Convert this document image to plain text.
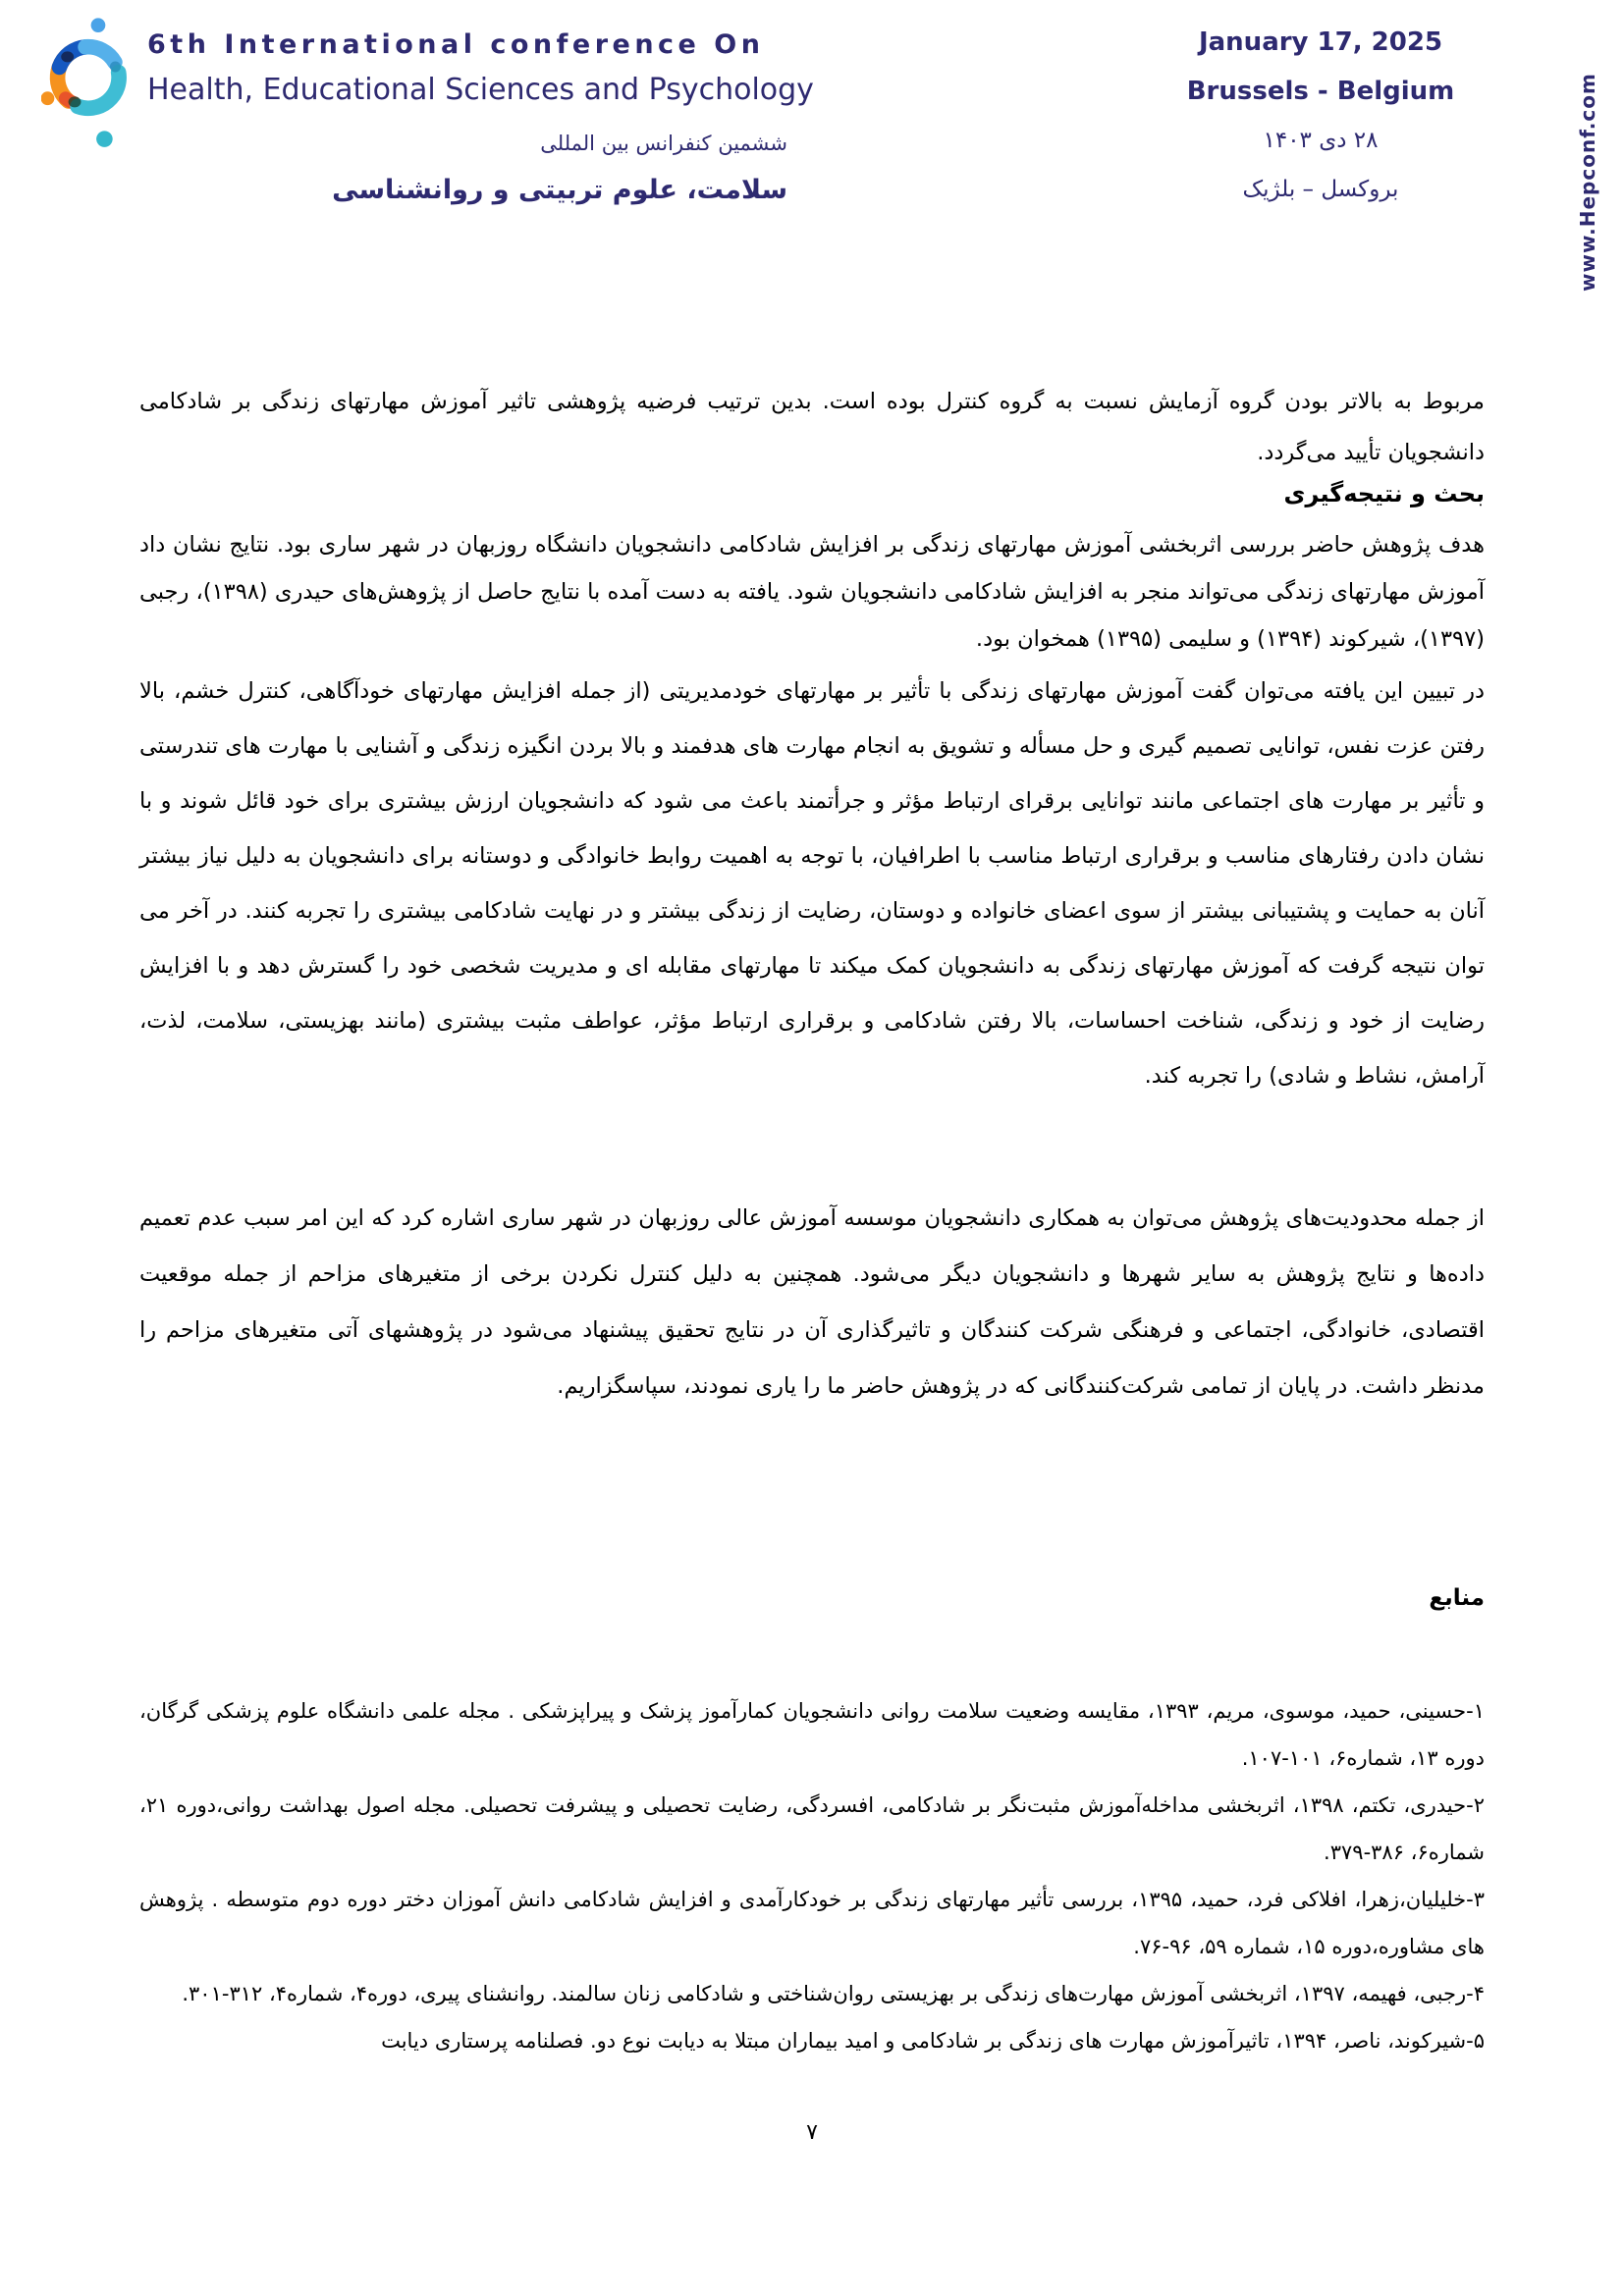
6th International conference On
Health, Educational Sciences and Psychology
ششمین کنفرانس بین المللی
سلامت، علوم تربیتی و روانشناسی
January 17, 2025
Brussels - Belgium
۲۸ دی ۱۴۰۳
بروکسل – بلژیک	www.Hepconf.com

مربوط به بالاتر بودن گروه آزمایش نسبت به گروه کنترل بوده است. بدین ترتیب فرضیه پژوهشی تاثیر آموزش مهارتهای زندگی بر شادکامی دانشجویان تأیید می‌گردد.

بحث و نتیجه‌گیری

هدف پژوهش حاضر بررسی اثربخشی آموزش مهارتهای زندگی بر افزایش شادکامی دانشجویان دانشگاه روزبهان در شهر ساری بود. نتایج نشان داد آموزش مهارتهای زندگی می‌تواند منجر به افزایش شادکامی دانشجویان شود. یافته به دست آمده با نتایج حاصل از پژوهش‌های حیدری (۱۳۹۸)، رجبی (۱۳۹۷)، شیرکوند (۱۳۹۴) و سلیمی (۱۳۹۵) همخوان بود.

در تبیین این یافته می‌توان گفت آموزش مهارتهای زندگی با تأثیر بر مهارتهای خودمدیریتی (از جمله افزایش مهارتهای خودآگاهی، کنترل خشم، بالا رفتن عزت نفس، توانایی تصمیم گیری و حل مسأله و تشویق به انجام مهارت های هدفمند و بالا بردن انگیزه زندگی و آشنایی با مهارت های تندرستی و تأثیر بر مهارت های اجتماعی مانند توانایی برقرای ارتباط مؤثر و جرأتمند باعث می شود که دانشجویان ارزش بیشتری برای خود قائل شوند و با نشان دادن رفتارهای مناسب و برقراری ارتباط مناسب با اطرافیان، با توجه به اهمیت روابط خانوادگی و دوستانه برای دانشجویان به دلیل نیاز بیشتر آنان به حمایت و پشتیبانی بیشتر از سوی اعضای خانواده و دوستان، رضایت از زندگی بیشتر و در نهایت شادکامی بیشتری را تجربه کنند. در آخر می توان نتیجه گرفت که آموزش مهارتهای زندگی به دانشجویان کمک میکند تا مهارتهای مقابله ای و مدیریت شخصی خود را گسترش دهد و با افزایش رضایت از خود و زندگی، شناخت احساسات، بالا رفتن شادکامی و برقراری ارتباط مؤثر، عواطف مثبت بیشتری (مانند بهزیستی، سلامت، لذت، آرامش، نشاط و شادی) را تجربه کند.

از جمله محدودیت‌های پژوهش می‌توان به همکاری دانشجویان موسسه آموزش عالی روزبهان در شهر ساری اشاره کرد که این امر سبب عدم تعمیم داده‌ها و نتایج پژوهش به سایر شهرها و دانشجویان دیگر می‌شود. همچنین به دلیل کنترل نکردن برخی از متغیرهای مزاحم از جمله موقعیت اقتصادی، خانوادگی، اجتماعی و فرهنگی شرکت کنندگان و تاثیرگذاری آن در نتایج تحقیق پیشنهاد می‌شود در پژوهشهای آتی متغیرهای مزاحم را مدنظر داشت. در پایان از تمامی شرکت‌کنندگانی که در پژوهش حاضر ما را یاری نمودند، سپاسگزاریم.

منابع

۱-حسینی، حمید، موسوی، مریم، ۱۳۹۳، مقایسه وضعیت سلامت روانی دانشجویان کمارآموز پزشک و پیراپزشکی . مجله علمی دانشگاه علوم پزشکی گرگان، دوره ۱۳، شماره۶، ۱۰۱-۱۰۷.

۲-حیدری، تکتم، ۱۳۹۸، اثربخشی مداخله‌آموزش مثبت‌نگر بر شادکامی، افسردگی، رضایت تحصیلی و پیشرفت تحصیلی. مجله اصول بهداشت روانی،دوره ۲۱، شماره۶، ۳۸۶-۳۷۹.

۳-خلیلیان،زهرا، افلاکی فرد، حمید، ۱۳۹۵، بررسی تأثیر مهارتهای زندگی بر خودکارآمدی و افزایش شادکامی دانش آموزان دختر دوره دوم متوسطه . پژوهش های مشاوره،دوره ۱۵، شماره ۵۹، ۹۶-۷۶.

۴-رجبی، فهیمه، ۱۳۹۷، اثربخشی آموزش مهارت‌های زندگی بر بهزیستی روان‌شناختی و شادکامی زنان سالمند. روانشنای پیری، دوره۴، شماره۴، ۳۱۲-۳۰۱.

۵-شیرکوند، ناصر، ۱۳۹۴، تاثیرآموزش مهارت های زندگی بر شادکامی و امید بیماران مبتلا به دیابت نوع دو. فصلنامه پرستاری دیابت

۷
